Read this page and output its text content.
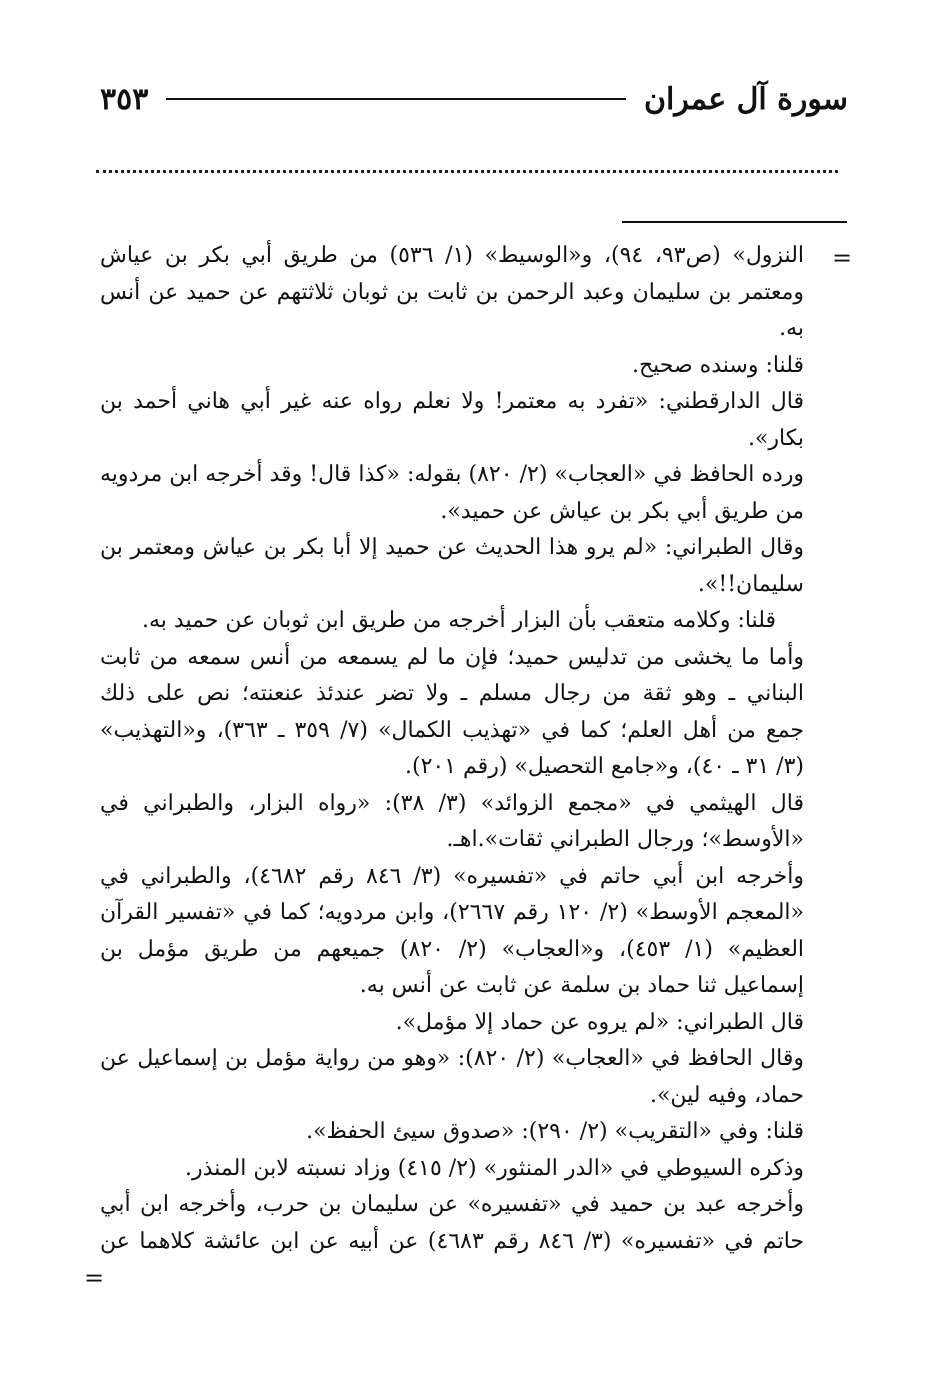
سورة آل عمران
٣٥٣
=
=
النزول» (ص٩٣، ٩٤)، و«الوسيط» (١/ ٥٣٦) من طريق أبي بكر بن عياش
ومعتمر بن سليمان وعبد الرحمن بن ثابت بن ثوبان ثلاثتهم عن حميد عن أنس
به.
قلنا: وسنده صحيح.
قال الدارقطني: «تفرد به معتمر! ولا نعلم رواه عنه غير أبي هاني أحمد بن
بكار».
ورده الحافظ في «العجاب» (٢/ ٨٢٠) بقوله: «كذا قال! وقد أخرجه ابن مردويه
من طريق أبي بكر بن عياش عن حميد».
وقال الطبراني: «لم يرو هذا الحديث عن حميد إلا أبا بكر بن عياش ومعتمر بن
سليمان!!».
قلنا: وكلامه متعقب بأن البزار أخرجه من طريق ابن ثوبان عن حميد به.
وأما ما يخشى من تدليس حميد؛ فإن ما لم يسمعه من أنس سمعه من ثابت
البناني ـ وهو ثقة من رجال مسلم ـ ولا تضر عندئذ عنعنته؛ نص على ذلك
جمع من أهل العلم؛ كما في «تهذيب الكمال» (٧/ ٣٥٩ ـ ٣٦٣)، و«التهذيب»
(٣/ ٣١ ـ ٤٠)، و«جامع التحصيل» (رقم ٢٠١).
قال الهيثمي في «مجمع الزوائد» (٣/ ٣٨): «رواه البزار، والطبراني في
«الأوسط»؛ ورجال الطبراني ثقات».اهـ.
وأخرجه ابن أبي حاتم في «تفسيره» (٣/ ٨٤٦ رقم ٤٦٨٢)، والطبراني في
«المعجم الأوسط» (٢/ ١٢٠ رقم ٢٦٦٧)، وابن مردويه؛ كما في «تفسير القرآن
العظيم» (١/ ٤٥٣)، و«العجاب» (٢/ ٨٢٠) جميعهم من طريق مؤمل بن
إسماعيل ثنا حماد بن سلمة عن ثابت عن أنس به.
قال الطبراني: «لم يروه عن حماد إلا مؤمل».
وقال الحافظ في «العجاب» (٢/ ٨٢٠): «وهو من رواية مؤمل بن إسماعيل عن
حماد، وفيه لين».
قلنا: وفي «التقريب» (٢/ ٢٩٠): «صدوق سيئ الحفظ».
وذكره السيوطي في «الدر المنثور» (٢/ ٤١٥) وزاد نسبته لابن المنذر.
وأخرجه عبد بن حميد في «تفسيره» عن سليمان بن حرب، وأخرجه ابن أبي
حاتم في «تفسيره» (٣/ ٨٤٦ رقم ٤٦٨٣) عن أبيه عن ابن عائشة كلاهما عن
